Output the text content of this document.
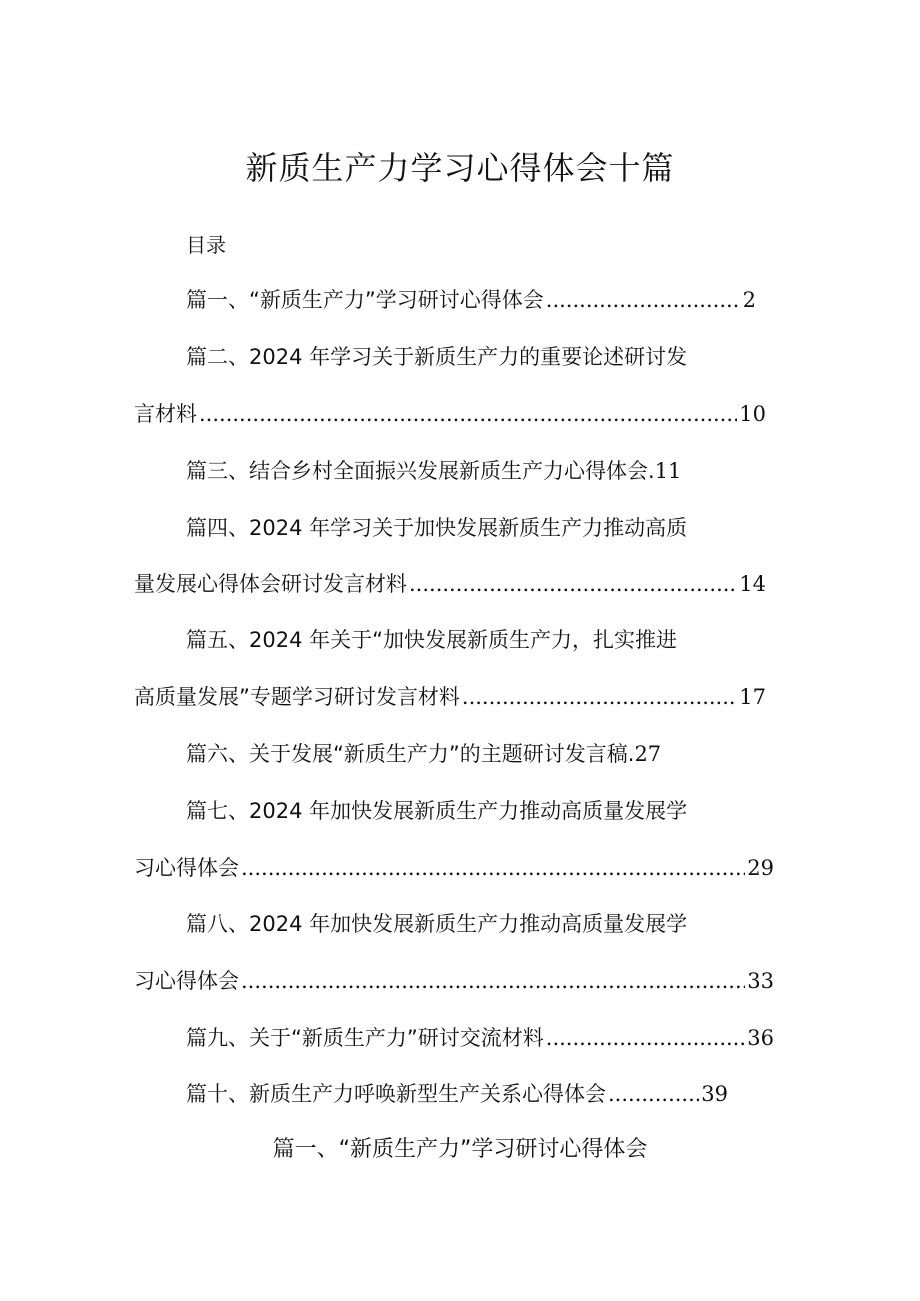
新质生产力学习心得体会十篇
目录
篇一、“新质生产力”学习研讨心得体会 .....	2
篇二、2024 年学习关于新质生产力的重要论述研讨发
言材料 .....	10
篇三、结合乡村全面振兴发展新质生产力心得体会. 11
篇四、2024 年学习关于加快发展新质生产力推动高质
量发展心得体会研讨发言材料 .....	14
篇五、2024 年关于“加快发展新质生产力，扎实推进
高质量发展”专题学习研讨发言材料 .....	17
篇六、关于发展“新质生产力”的主题研讨发言稿. 27
篇七、2024 年加快发展新质生产力推动高质量发展学
习心得体会 .....	29
篇八、2024 年加快发展新质生产力推动高质量发展学
习心得体会 .....	33
篇九、关于“新质生产力”研讨交流材料 .....	36
篇十、新质生产力呼唤新型生产关系心得体会 .....	39
篇一、“新质生产力”学习研讨心得体会
